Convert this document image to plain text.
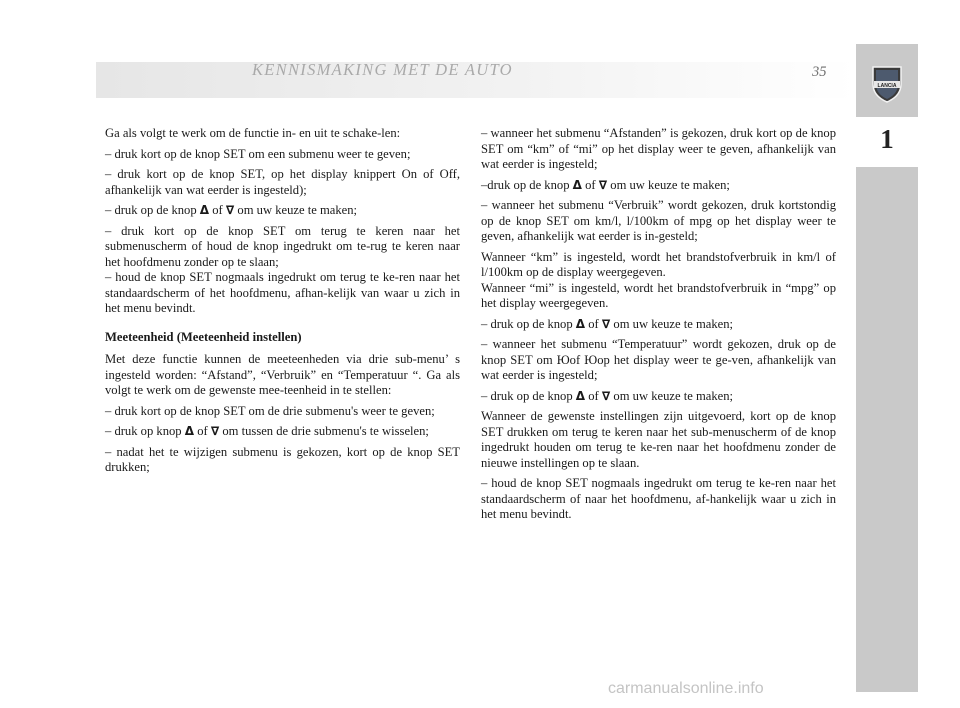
KENNISMAKING MET DE AUTO	35
LANCIA
1

Ga als volgt te werk om de functie in- en uit te schake-len:

– druk kort op de knop SET om een submenu weer te geven;

– druk kort op de knop SET, op het display knippert On of Off, afhankelijk van wat eerder is ingesteld);

– druk op de knop Δ of ∇ om uw keuze te maken;

– druk kort op de knop SET om terug te keren naar het submenuscherm of houd de knop ingedrukt om te-rug te keren naar het hoofdmenu zonder op te slaan;

– houd de knop SET nogmaals ingedrukt om terug te ke-ren naar het standaardscherm of het hoofdmenu, afhan-kelijk van waar u zich in het menu bevindt.

Meeteenheid (Meeteenheid instellen)

Met deze functie kunnen de meeteenheden via drie sub-menu’ s ingesteld worden: “Afstand”, “Verbruik” en “Temperatuur “. Ga als volgt te werk om de gewenste mee-teenheid in te stellen:

– druk kort op de knop SET om de drie submenu's weer te geven;

– druk op knop Δ of ∇ om tussen de drie submenu's te wisselen;

– nadat het te wijzigen submenu is gekozen, kort op de knop SET drukken;

– wanneer het submenu “Afstanden” is gekozen, druk kort op de knop SET om “km” of “mi” op het display weer te geven, afhankelijk van wat eerder is ingesteld;

–druk op de knop Δ of ∇ om uw keuze te maken;

– wanneer het submenu “Verbruik” wordt gekozen, druk kortstondig op de knop SET om km/l, l/100km of mpg op het display weer te geven, afhankelijk wat eerder is in-gesteld;

Wanneer “km” is ingesteld, wordt het brandstofverbruik in km/l of l/100km op de display weergegeven.

Wanneer “mi” is ingesteld, wordt het brandstofverbruik in “mpg” op het display weergegeven.

– druk op de knop Δ of ∇ om uw keuze te maken;

– wanneer het submenu “Temperatuur” wordt gekozen, druk op de knop SET om Юof Юop het display weer te ge-ven, afhankelijk van wat eerder is ingesteld;

– druk op de knop Δ of ∇ om uw keuze te maken;

Wanneer de gewenste instellingen zijn uitgevoerd, kort op de knop SET drukken om terug te keren naar het sub-menuscherm of de knop ingedrukt houden om terug te ke-ren naar het hoofdmenu zonder de nieuwe instellingen op te slaan.

– houd de knop SET nogmaals ingedrukt om terug te ke-ren naar het standaardscherm of naar het hoofdmenu, af-hankelijk waar u zich in het menu bevindt.

carmanualsonline.info
